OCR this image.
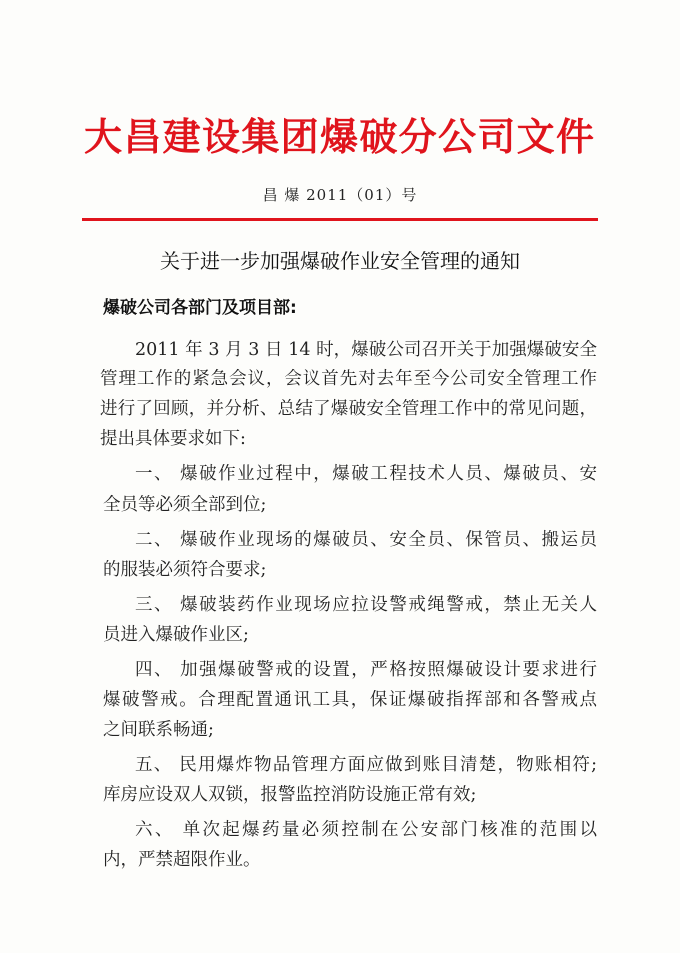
大昌建设集团爆破分公司文件
昌 爆 2011（01）号
关于进一步加强爆破作业安全管理的通知
爆破公司各部门及项目部:
2011 年 3 月 3 日 14 时，爆破公司召开关于加强爆破安全
管理工作的紧急会议，会议首先对去年至今公司安全管理工作
进行了回顾，并分析、总结了爆破安全管理工作中的常见问题，
提出具体要求如下:
一、 爆破作业过程中，爆破工程技术人员、爆破员、安
全员等必须全部到位;
二、 爆破作业现场的爆破员、安全员、保管员、搬运员
的服装必须符合要求;
三、 爆破装药作业现场应拉设警戒绳警戒，禁止无关人
员进入爆破作业区;
四、 加强爆破警戒的设置，严格按照爆破设计要求进行
爆破警戒。合理配置通讯工具，保证爆破指挥部和各警戒点
之间联系畅通;
五、 民用爆炸物品管理方面应做到账目清楚，物账相符;
库房应设双人双锁，报警监控消防设施正常有效;
六、 单次起爆药量必须控制在公安部门核准的范围以
内，严禁超限作业。
